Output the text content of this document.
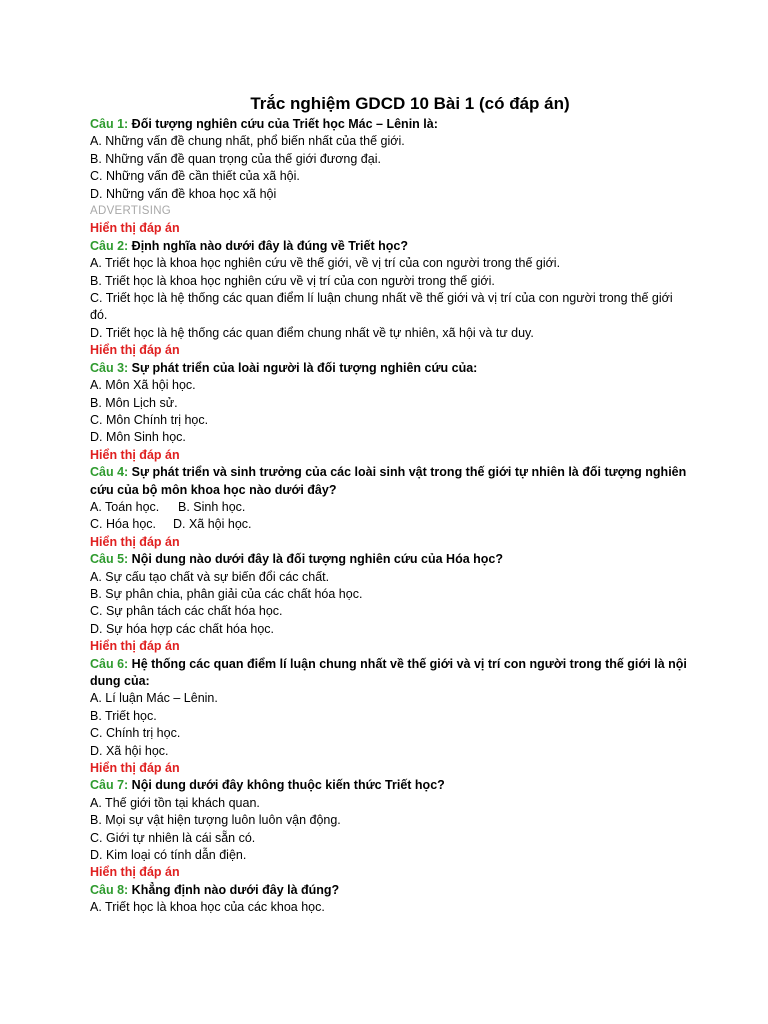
Trắc nghiệm GDCD 10 Bài 1 (có đáp án)
Câu 1: Đối tượng nghiên cứu của Triết học Mác – Lênin là:
A. Những vấn đề chung nhất, phổ biến nhất của thế giới.
B. Những vấn đề quan trọng của thế giới đương đại.
C. Những vấn đề cần thiết của xã hội.
D. Những vấn đề khoa học xã hội
ADVERTISING
Hiển thị đáp án
Câu 2: Định nghĩa nào dưới đây là đúng về Triết học?
A. Triết học là khoa học nghiên cứu về thế giới, về vị trí của con người trong thế giới.
B. Triết học là khoa học nghiên cứu về vị trí của con người trong thế giới.
C. Triết học là hệ thống các quan điểm lí luận chung nhất về thế giới và vị trí của con người trong thế giới
đó.
D. Triết học là hệ thống các quan điểm chung nhất về tự nhiên, xã hội và tư duy.
Hiển thị đáp án
Câu 3: Sự phát triển của loài người là đối tượng nghiên cứu của:
A. Môn Xã hội học.
B. Môn Lịch sử.
C. Môn Chính trị học.
D. Môn Sinh học.
Hiển thị đáp án
Câu 4: Sự phát triển và sinh trưởng của các loài sinh vật trong thế giới tự nhiên là đối tượng nghiên
cứu của bộ môn khoa học nào dưới đây?
A. Toán học. B. Sinh học.
C. Hóa học. D. Xã hội học.
Hiển thị đáp án
Câu 5: Nội dung nào dưới đây là đối tượng nghiên cứu của Hóa học?
A. Sự cấu tạo chất và sự biến đổi các chất.
B. Sự phân chia, phân giải của các chất hóa học.
C. Sự phân tách các chất hóa học.
D. Sự hóa hợp các chất hóa học.
Hiển thị đáp án
Câu 6: Hệ thống các quan điểm lí luận chung nhất về thế giới và vị trí con người trong thế giới là nội
dung của:
A. Lí luận Mác – Lênin.
B. Triết học.
C. Chính trị học.
D. Xã hội học.
Hiển thị đáp án
Câu 7: Nội dung dưới đây không thuộc kiến thức Triết học?
A. Thế giới tồn tại khách quan.
B. Mọi sự vật hiện tượng luôn luôn vận động.
C. Giới tự nhiên là cái sẵn có.
D. Kim loại có tính dẫn điện.
Hiển thị đáp án
Câu 8: Khẳng định nào dưới đây là đúng?
A. Triết học là khoa học của các khoa học.
